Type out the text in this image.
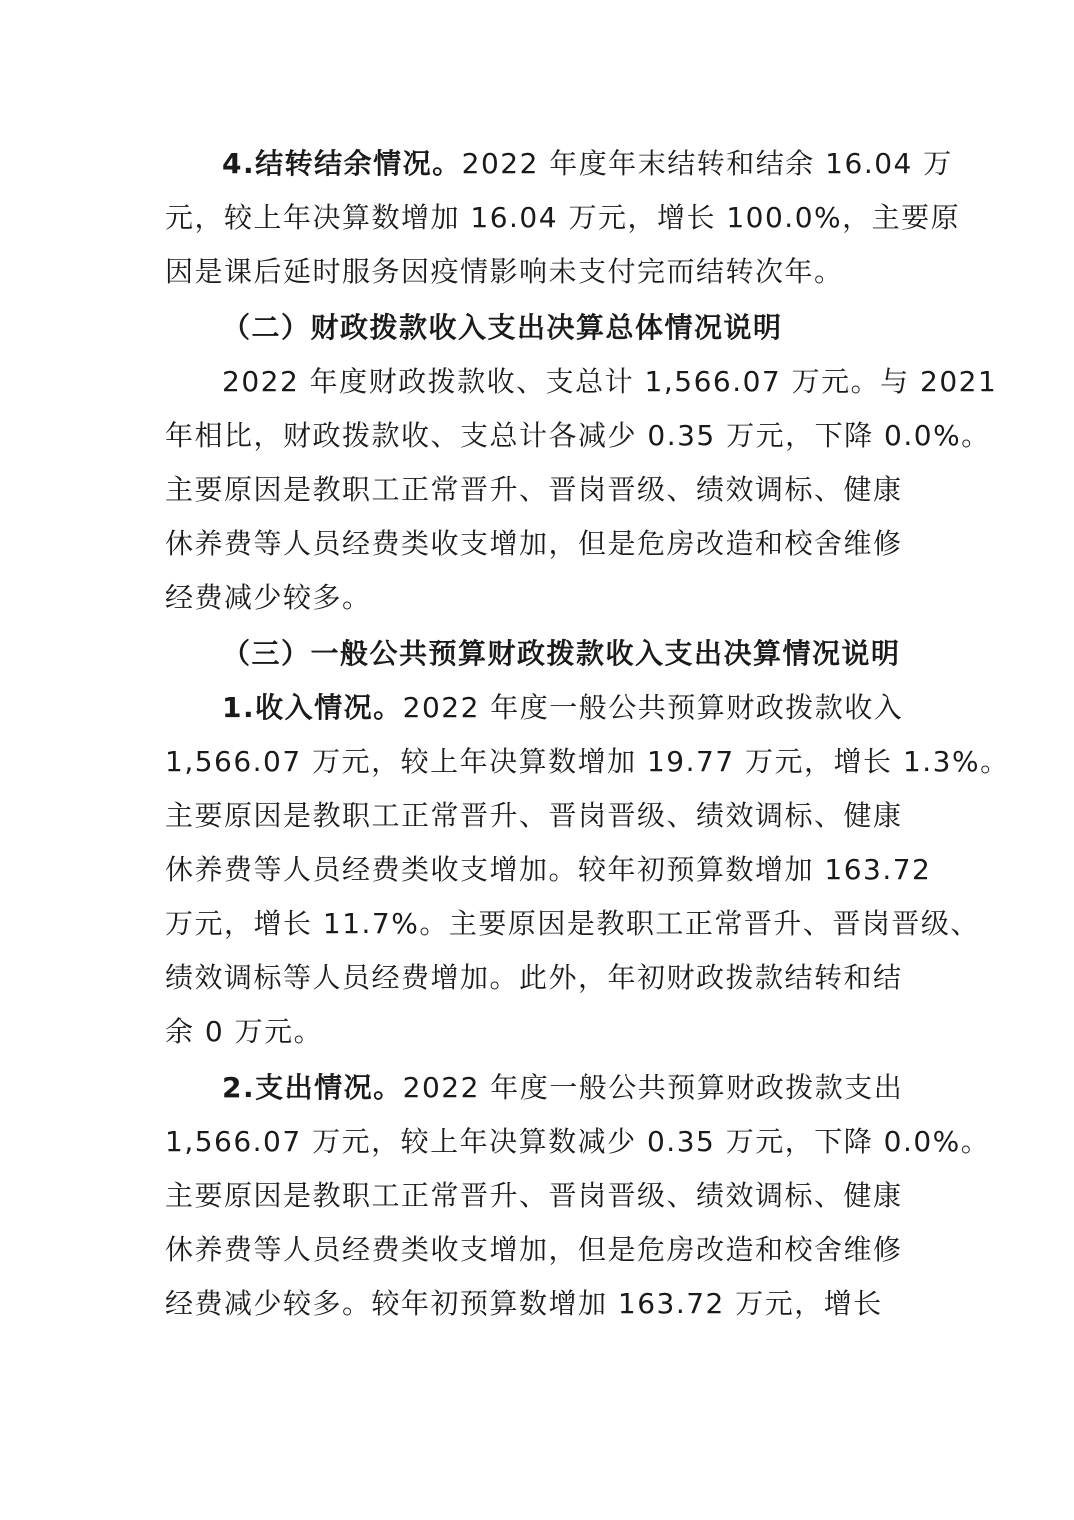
4.结转结余情况。2022 年度年末结转和结余 16.04 万
元，较上年决算数增加 16.04 万元，增长 100.0%，主要原
因是课后延时服务因疫情影响未支付完而结转次年。
（二）财政拨款收入支出决算总体情况说明
2022 年度财政拨款收、支总计 1,566.07 万元。与 2021
年相比，财政拨款收、支总计各减少 0.35 万元，下降 0.0%。
主要原因是教职工正常晋升、晋岗晋级、绩效调标、健康
休养费等人员经费类收支增加，但是危房改造和校舍维修
经费减少较多。
（三）一般公共预算财政拨款收入支出决算情况说明
1.收入情况。2022 年度一般公共预算财政拨款收入
1,566.07 万元，较上年决算数增加 19.77 万元，增长 1.3%。
主要原因是教职工正常晋升、晋岗晋级、绩效调标、健康
休养费等人员经费类收支增加。较年初预算数增加 163.72
万元，增长 11.7%。主要原因是教职工正常晋升、晋岗晋级、
绩效调标等人员经费增加。此外，年初财政拨款结转和结
余 0 万元。
2.支出情况。2022 年度一般公共预算财政拨款支出
1,566.07 万元，较上年决算数减少 0.35 万元，下降 0.0%。
主要原因是教职工正常晋升、晋岗晋级、绩效调标、健康
休养费等人员经费类收支增加，但是危房改造和校舍维修
经费减少较多。较年初预算数增加 163.72 万元，增长
